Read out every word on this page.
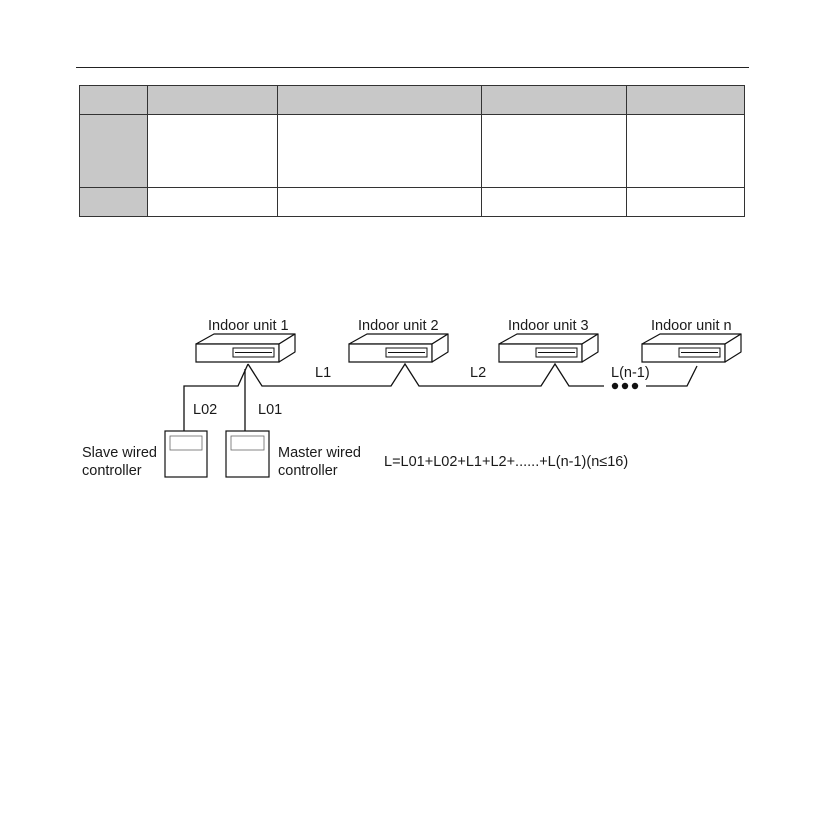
Indoor unit 1	Indoor unit 2	Indoor unit 3	Indoor unit n
L1	L2	L(n-1)
L02	L01
Slave wired
controller
Master wired
controller
L=L01+L02+L1+L2+......+L(n-1)(n≤16)
